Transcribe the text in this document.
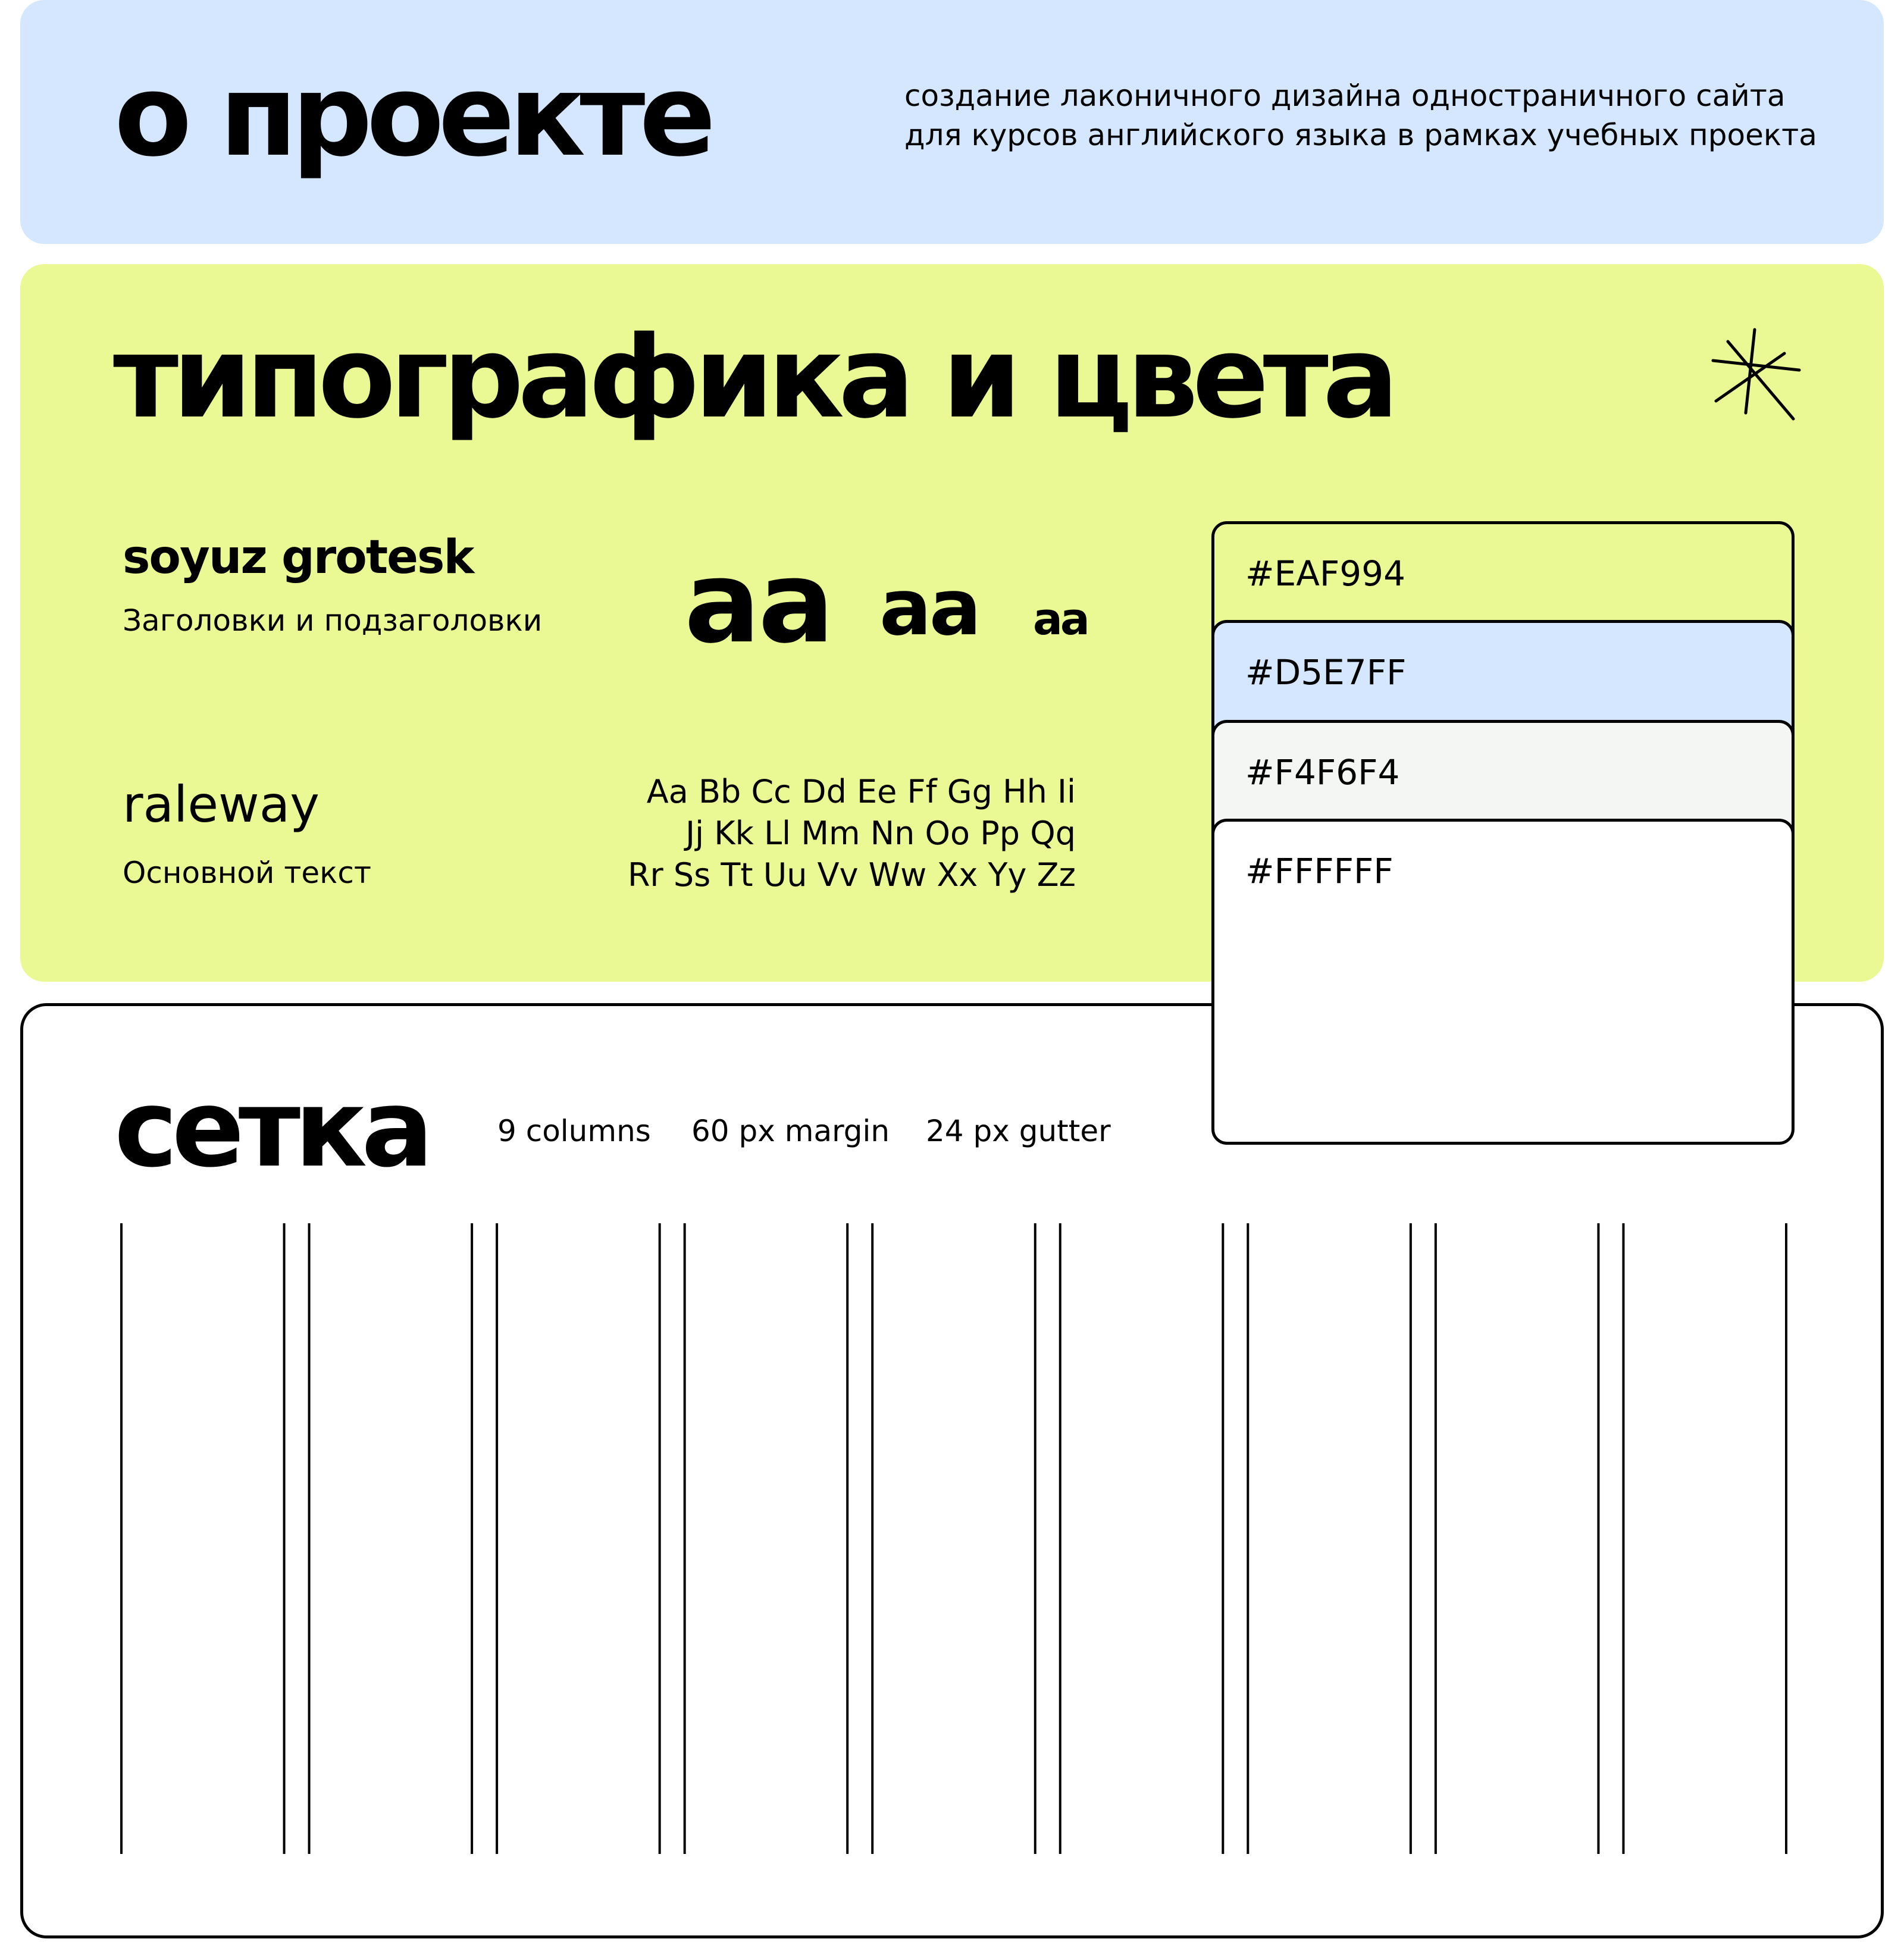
о проекте	создание лаконичного дизайна одностраничного сайта
для курсов английского языка в рамках учебных проекта
типографика и цвета
soyuz grotesk
Заголовки и подзаголовки aa aa aa
raleway
Основной текст
Aa Bb Cc Dd Ee Ff Gg Hh Ii
Jj Kk Ll Mm Nn Oo Pp Qq
Rr Ss Tt Uu Vv Ww Xx Yy Zz
сетка 9 columns 60 px margin 24 px gutter
#EAF994
#D5E7FF
#F4F6F4
#FFFFFF
